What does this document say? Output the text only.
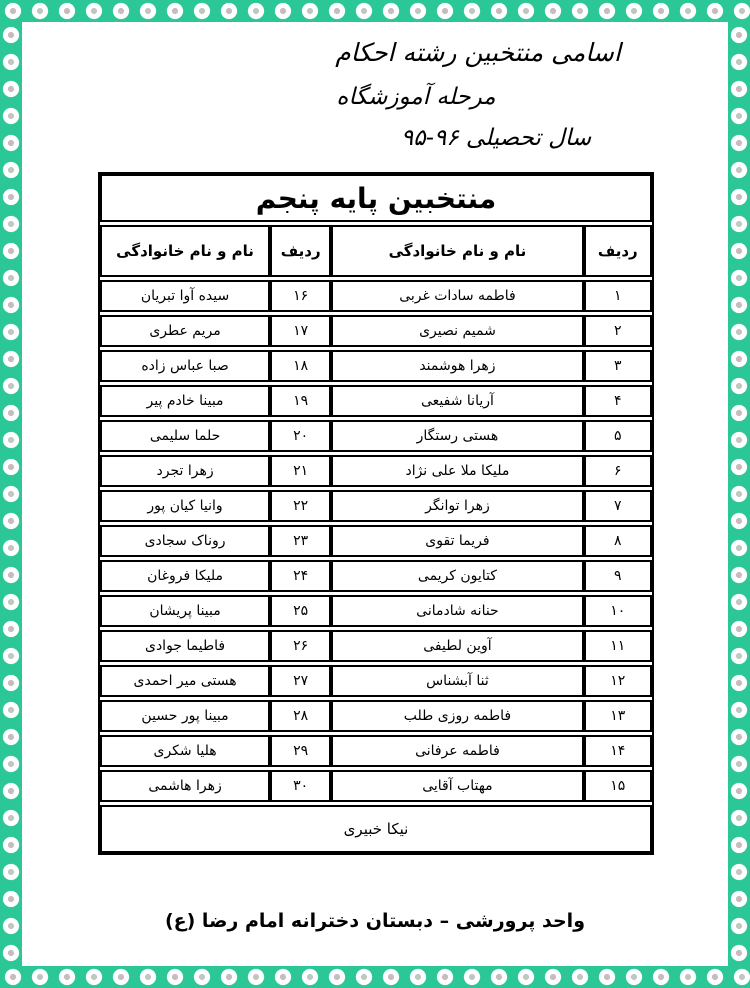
اسامی منتخبین رشته احکام
مرحله آموزشگاه
سال تحصیلی ۹۶-۹۵
منتخبین پایه پنجم
ردیف
نام و نام خانوادگی
ردیف
نام و نام خانوادگی
۱
فاطمه سادات غربی
۱۶
سیده آوا تبریان
۲
شمیم نصیری
۱۷
مریم عطری
۳
زهرا هوشمند
۱۸
صبا عباس زاده
۴
آریانا شفیعی
۱۹
مبینا خادم پیر
۵
هستی رستگار
۲۰
حلما سلیمی
۶
ملیکا ملا علی نژاد
۲۱
زهرا تجرد
۷
زهرا توانگر
۲۲
وانیا کیان پور
۸
فریما تقوی
۲۳
روناک سجادی
۹
کتایون کریمی
۲۴
ملیکا فروغان
۱۰
حنانه شادمانی
۲۵
مبینا پریشان
۱۱
آوین لطیفی
۲۶
فاطیما جوادی
۱۲
ثنا آبشناس
۲۷
هستی میر احمدی
۱۳
فاطمه روزی طلب
۲۸
مبینا پور حسین
۱۴
فاطمه عرفانی
۲۹
هلیا شکری
۱۵
مهتاب آقایی
۳۰
زهرا هاشمی
نیکا خبیری
واحد پرورشی – دبستان دخترانه امام رضا (ع)
